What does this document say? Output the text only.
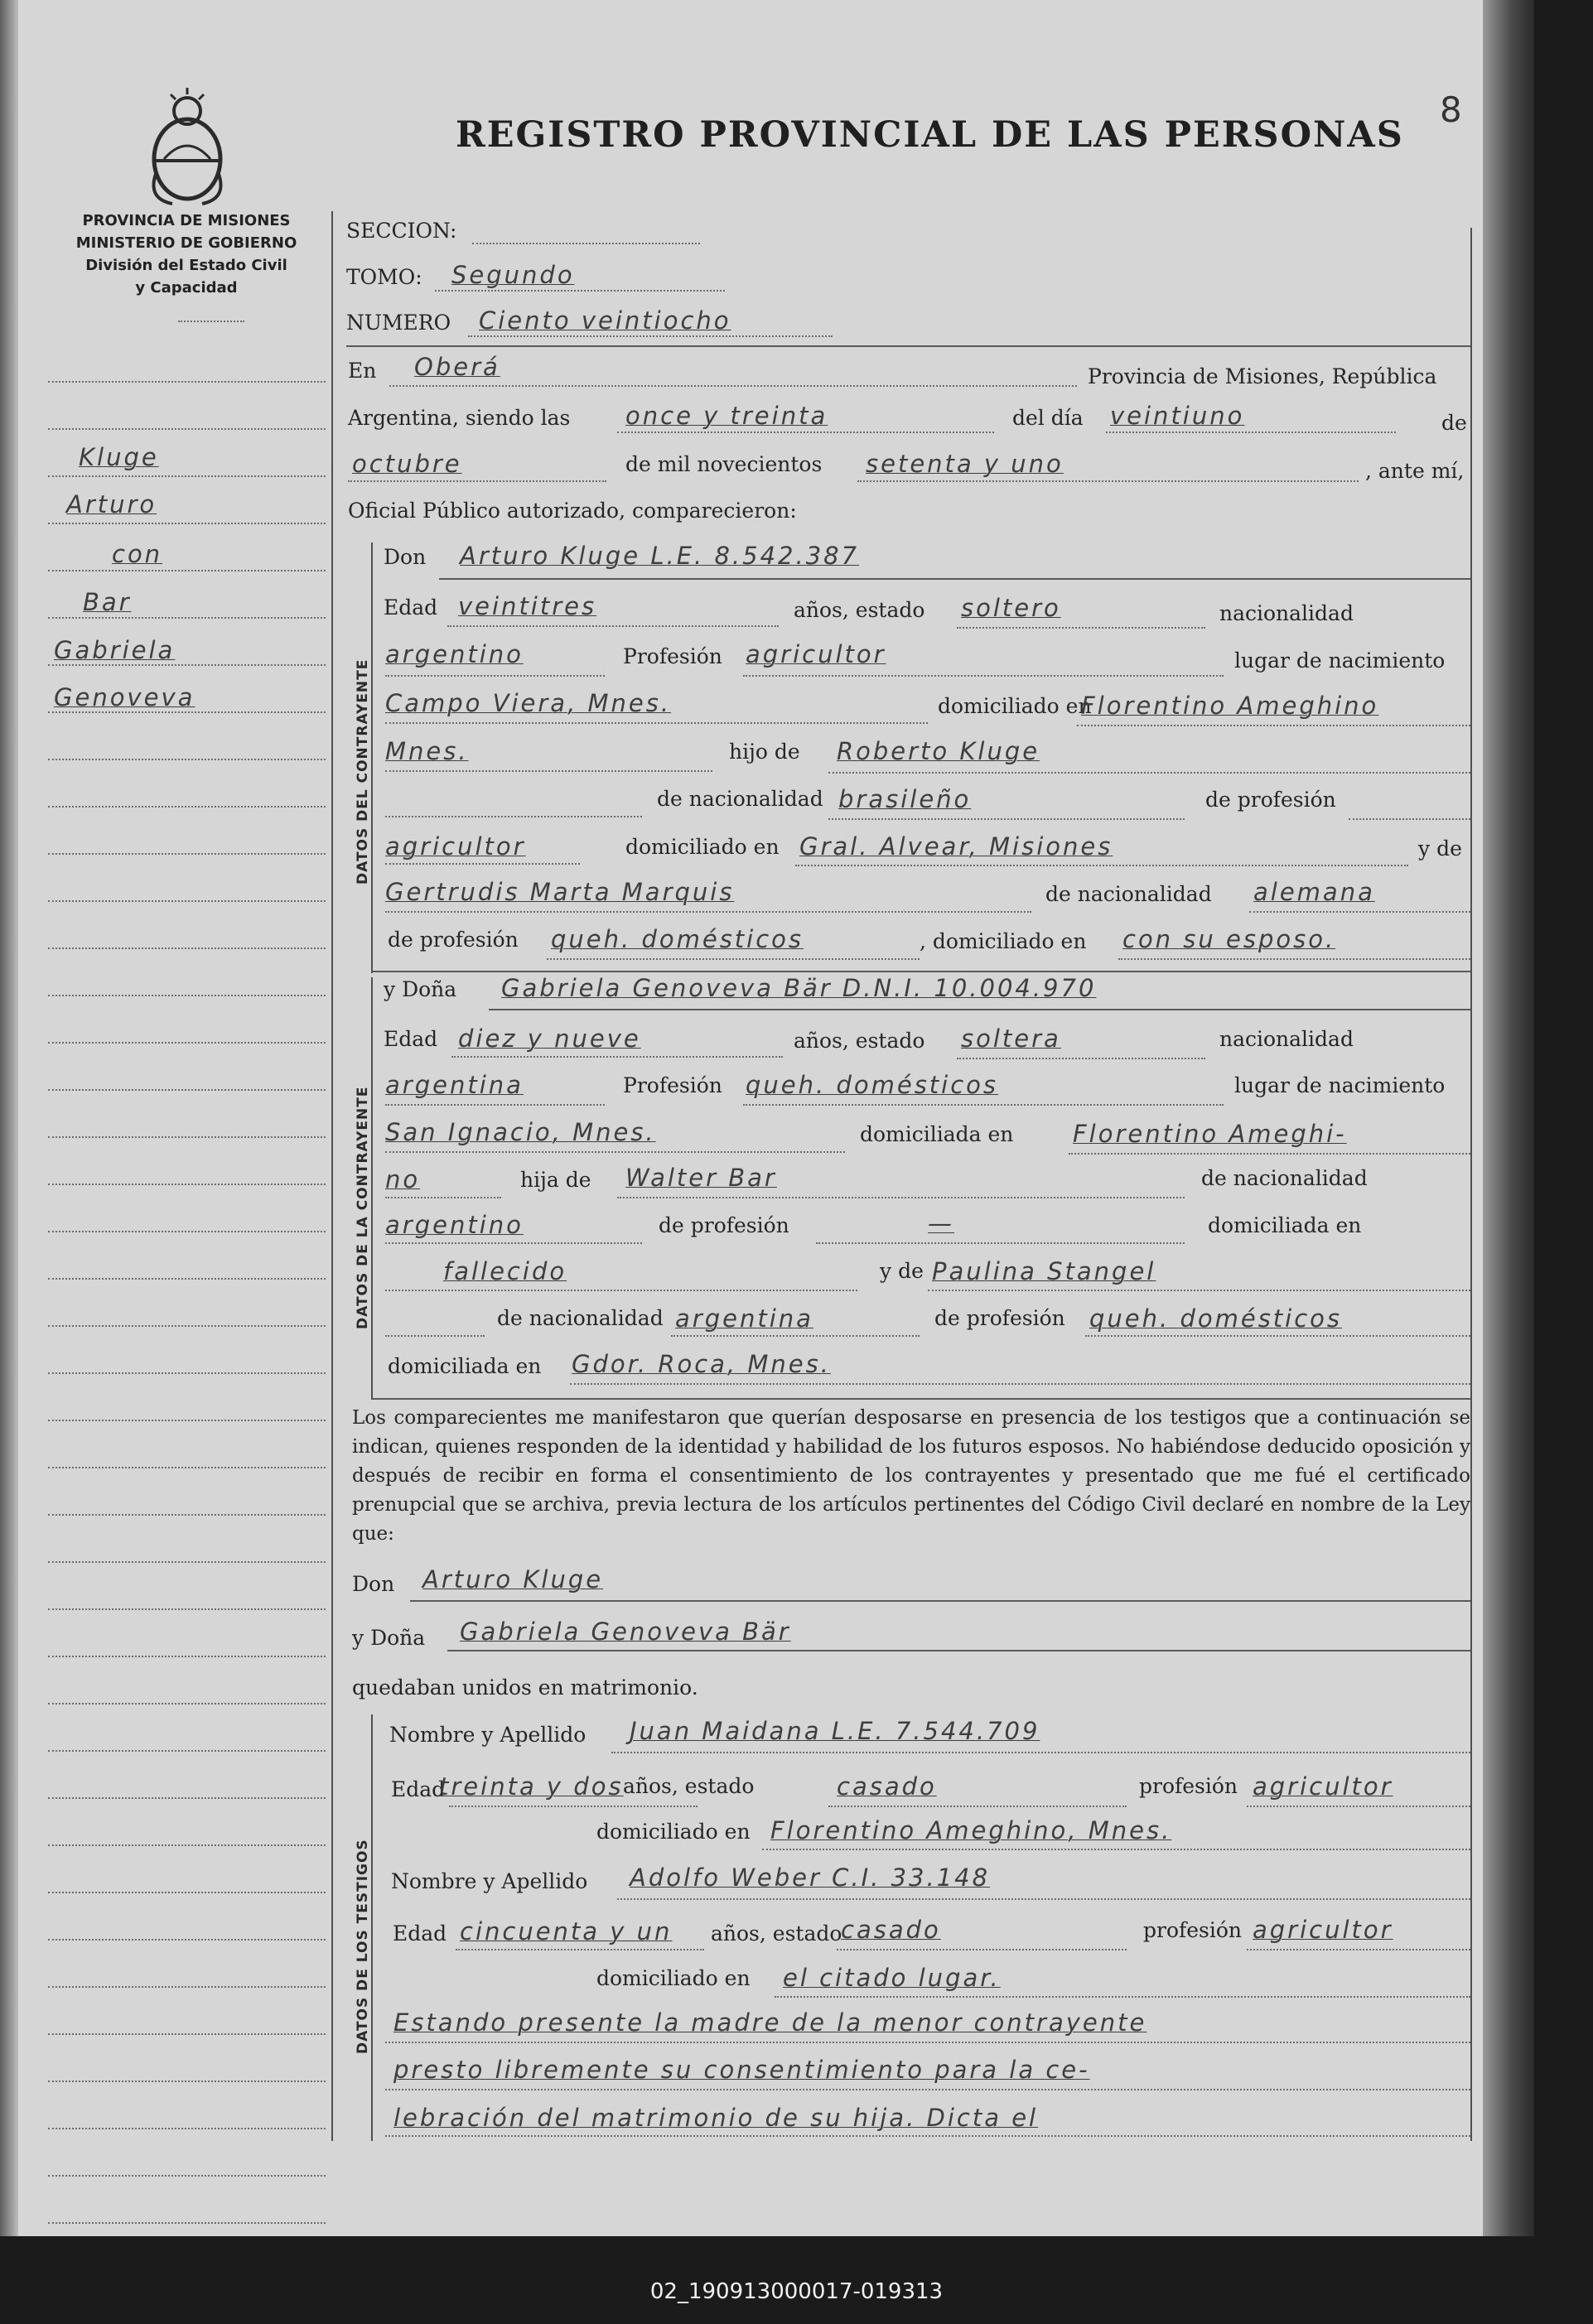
REGISTRO PROVINCIAL DE LAS PERSONAS
8
PROVINCIA DE MISIONES
MINISTERIO DE GOBIERNO
División del Estado Civil
y Capacidad
Kluge
Arturo
con
Bar
Gabriela
Genoveva
SECCION:
TOMO: Segundo
NUMERO Ciento veintiocho
En Oberá	Provincia de Misiones, República
Argentina, siendo las once y treinta	del día veintiuno	de
octubre	de mil novecientos setenta y uno	, ante mí,
Oficial Público autorizado, comparecieron:
DATOS DEL CONTRAYENTE
Don Arturo Kluge L.E. 8.542.387
Edad veintitres	años, estado soltero	nacionalidad
argentino	Profesión agricultor	lugar de nacimiento
Campo Viera, Mnes.	domiciliado en
Florentino Ameghino
Mnes.	hijo de Roberto Kluge
de nacionalidad brasileño	de profesión
agricultor	domiciliado en Gral. Alvear, Misiones	y de
Gertrudis Marta Marquis	de nacionalidad alemana
de profesión queh. domésticos	, domiciliado en con su esposo.
DATOS DE LA CONTRAYENTE
y Doña Gabriela Genoveva Bär D.N.I. 10.004.970
Edad diez y nueve	años, estado soltera	nacionalidad
argentina	Profesión queh. domésticos	lugar de nacimiento
San Ignacio, Mnes.	domiciliada en Florentino Ameghi-
no	hija de Walter Bar	de nacionalidad
argentino	de profesión	—	domiciliada en
fallecido	y de Paulina Stangel
de nacionalidad argentina	de profesión queh. domésticos
domiciliada en Gdor. Roca, Mnes.
Los comparecientes me manifestaron que querían desposarse en presencia de los testigos que a continuación se indican, quienes responden de la identidad y habilidad de los futuros esposos. No habiéndose deducido oposición y después de recibir en forma el consentimiento de los contrayentes y presentado que me fué el certificado prenupcial que se archiva, previa lectura de los artículos pertinentes del Código Civil declaré en nombre de la Ley que:
Don Arturo Kluge
y Doña Gabriela Genoveva Bär
quedaban unidos en matrimonio.
DATOS DE LOS TESTIGOS
Nombre y Apellido Juan Maidana L.E. 7.544.709
Edad
treinta y dos años, estado	casado	profesión agricultor
domiciliado en Florentino Ameghino, Mnes.
Nombre y Apellido Adolfo Weber C.I. 33.148
Edad cincuenta y un años, estado
casado	profesión agricultor
domiciliado en el citado lugar.
Estando presente la madre de la menor contrayente
presto libremente su consentimiento para la ce-
lebración del matrimonio de su hija. Dicta el
02_190913000017-019313
